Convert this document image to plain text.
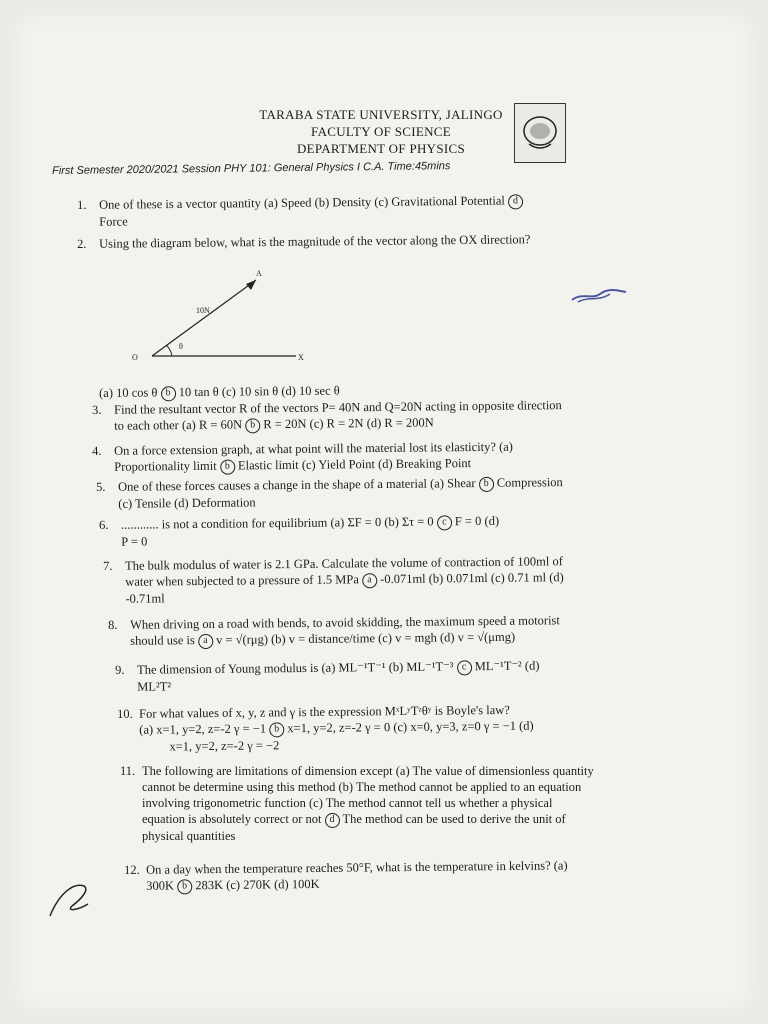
TARABA STATE UNIVERSITY, JALINGO
FACULTY OF SCIENCE
DEPARTMENT OF PHYSICS
First Semester 2020/2021 Session PHY 101: General Physics I C.A. Time:45mins
1. One of these is a vector quantity (a) Speed (b) Density (c) Gravitational Potential d
Force
2. Using the diagram below, what is the magnitude of the vector along the OX direction?
10N
θ
O	X
A
(a) 10 cos θ b 10 tan θ (c) 10 sin θ (d) 10 sec θ
3. Find the resultant vector R of the vectors P= 40N and Q=20N acting in opposite direction
to each other (a) R = 60N b R = 20N (c) R = 2N (d) R = 200N
4. On a force extension graph, at what point will the material lost its elasticity? (a)
Proportionality limit b Elastic limit (c) Yield Point (d) Breaking Point
5. One of these forces causes a change in the shape of a material (a) Shear b Compression
(c) Tensile (d) Deformation
6. ............ is not a condition for equilibrium (a) ΣF = 0 (b) Στ = 0 c F = 0 (d)
P = 0
7. The bulk modulus of water is 2.1 GPa. Calculate the volume of contraction of 100ml of
water when subjected to a pressure of 1.5 MPa a -0.071ml (b) 0.071ml (c) 0.71 ml (d)
-0.71ml
8. When driving on a road with bends, to avoid skidding, the maximum speed a motorist
should use is a v = √(rμg) (b) v = distance/time (c) v = mgh (d) v = √(μmg)
9. The dimension of Young modulus is (a) ML⁻¹T⁻¹ (b) ML⁻¹T⁻³ c ML⁻¹T⁻² (d)
ML²T²
10. For what values of x, y, z and γ is the expression MˣLʸTᶻθʸ is Boyle's law?
(a) x=1, y=2, z=-2 γ = −1 b x=1, y=2, z=-2 γ = 0 (c) x=0, y=3, z=0 γ = −1 (d)
x=1, y=2, z=-2 γ = −2
11. The following are limitations of dimension except (a) The value of dimensionless quantity
cannot be determine using this method (b) The method cannot be applied to an equation
involving trigonometric function (c) The method cannot tell us whether a physical
equation is absolutely correct or not d The method can be used to derive the unit of
physical quantities
12. On a day when the temperature reaches 50°F, what is the temperature in kelvins? (a)
300K b 283K (c) 270K (d) 100K
